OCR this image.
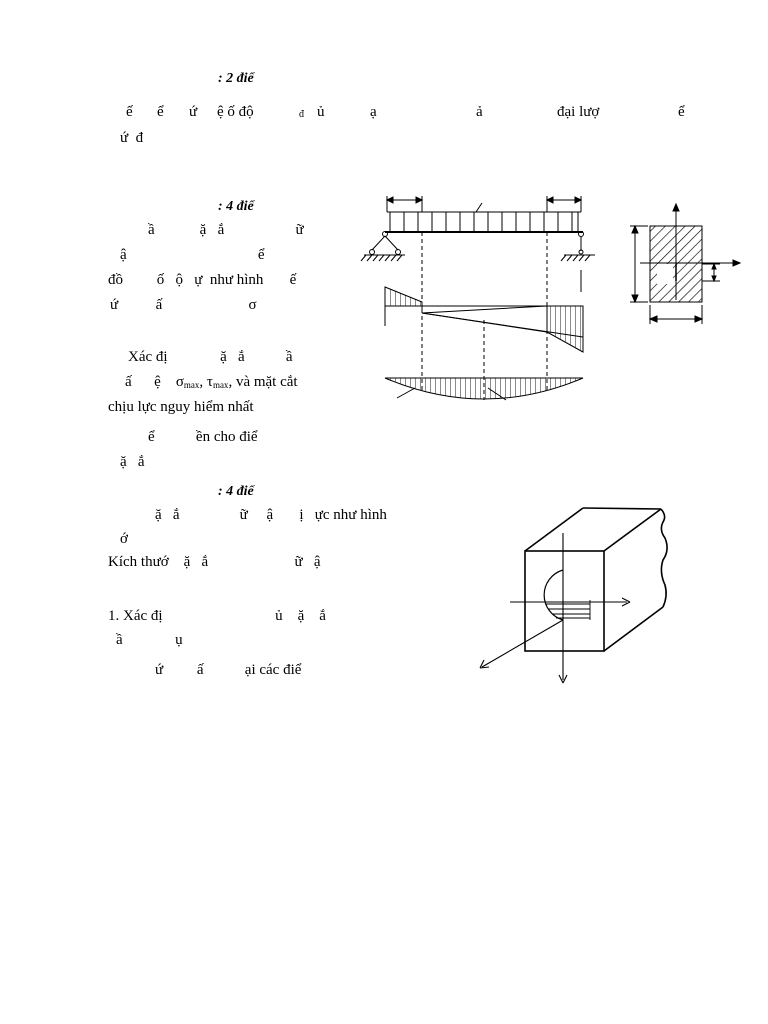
: 2 điể
ế ể ứ ệ ố độ	đ ủ	ạ	ả	đại lượ	ể
ứ  đ
: 4 điể
ầ            ặ   ắ                   ữ
ậ                                   ể
đồ         ố   ộ   ự  như hình       ế
ứ          ấ                       σ
Xác đị              ặ   ắ           ầ
ấ      ệ    $\sigma_{max}$, $\tau_{max}$, và mặt cắt
chịu lực nguy hiểm nhất
ể           ền cho điể
ặ   ắ
: 4 điể
ặ   ắ                ữ     ậ       ị   ực như hình
ớ
Kích thướ    ặ   ắ                       ữ   ậ
1. Xác đị                              ủ    ặ    ắ
ầ              ụ
ứ         ấ           ại các điể
